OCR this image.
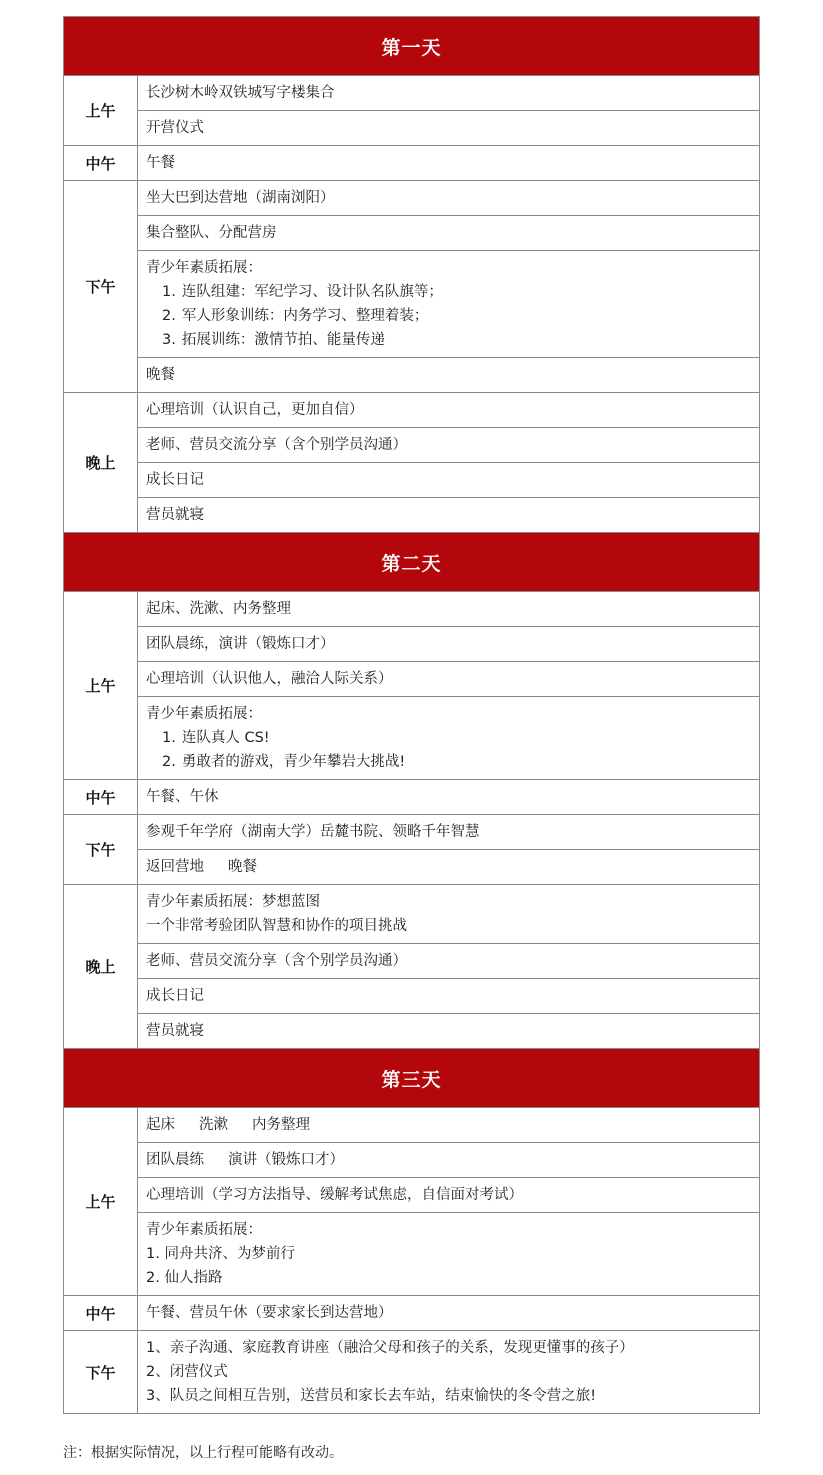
第一天	
上午	长沙树木岭双铁城写字楼集合

	开营仪式

中午	午餐

下午	坐大巴到达营地（湖南浏阳）

	集合整队、分配营房

	青少年素质拓展：
1. 连队组建：军纪学习、设计队名队旗等；
2. 军人形象训练：内务学习、整理着装；
3. 拓展训练：激情节拍、能量传递

	晚餐

晚上	心理培训（认识自己，更加自信）

	老师、营员交流分享（含个别学员沟通）

	成长日记

	营员就寝

第二天	
上午	起床、洗漱、内务整理

	团队晨练，演讲（锻炼口才）

	心理培训（认识他人，融洽人际关系）

	青少年素质拓展：
1. 连队真人 CS!
2. 勇敢者的游戏，青少年攀岩大挑战!

中午	午餐、午休

下午	参观千年学府（湖南大学）岳麓书院、领略千年智慧

	返回营地 晚餐

晚上	青少年素质拓展：梦想蓝图
一个非常考验团队智慧和协作的项目挑战

	老师、营员交流分享（含个别学员沟通）

	成长日记

	营员就寝

第三天	
上午	起床 洗漱 内务整理

	团队晨练 演讲（锻炼口才）

	心理培训（学习方法指导、缓解考试焦虑，自信面对考试）

	青少年素质拓展：
1. 同舟共济、为梦前行
2. 仙人指路

中午	午餐、营员午休（要求家长到达营地）

下午	1、亲子沟通、家庭教育讲座（融洽父母和孩子的关系，发现更懂事的孩子）
2、闭营仪式
3、队员之间相互告别，送营员和家长去车站，结束愉快的冬令营之旅!
注：根据实际情况，以上行程可能略有改动。
